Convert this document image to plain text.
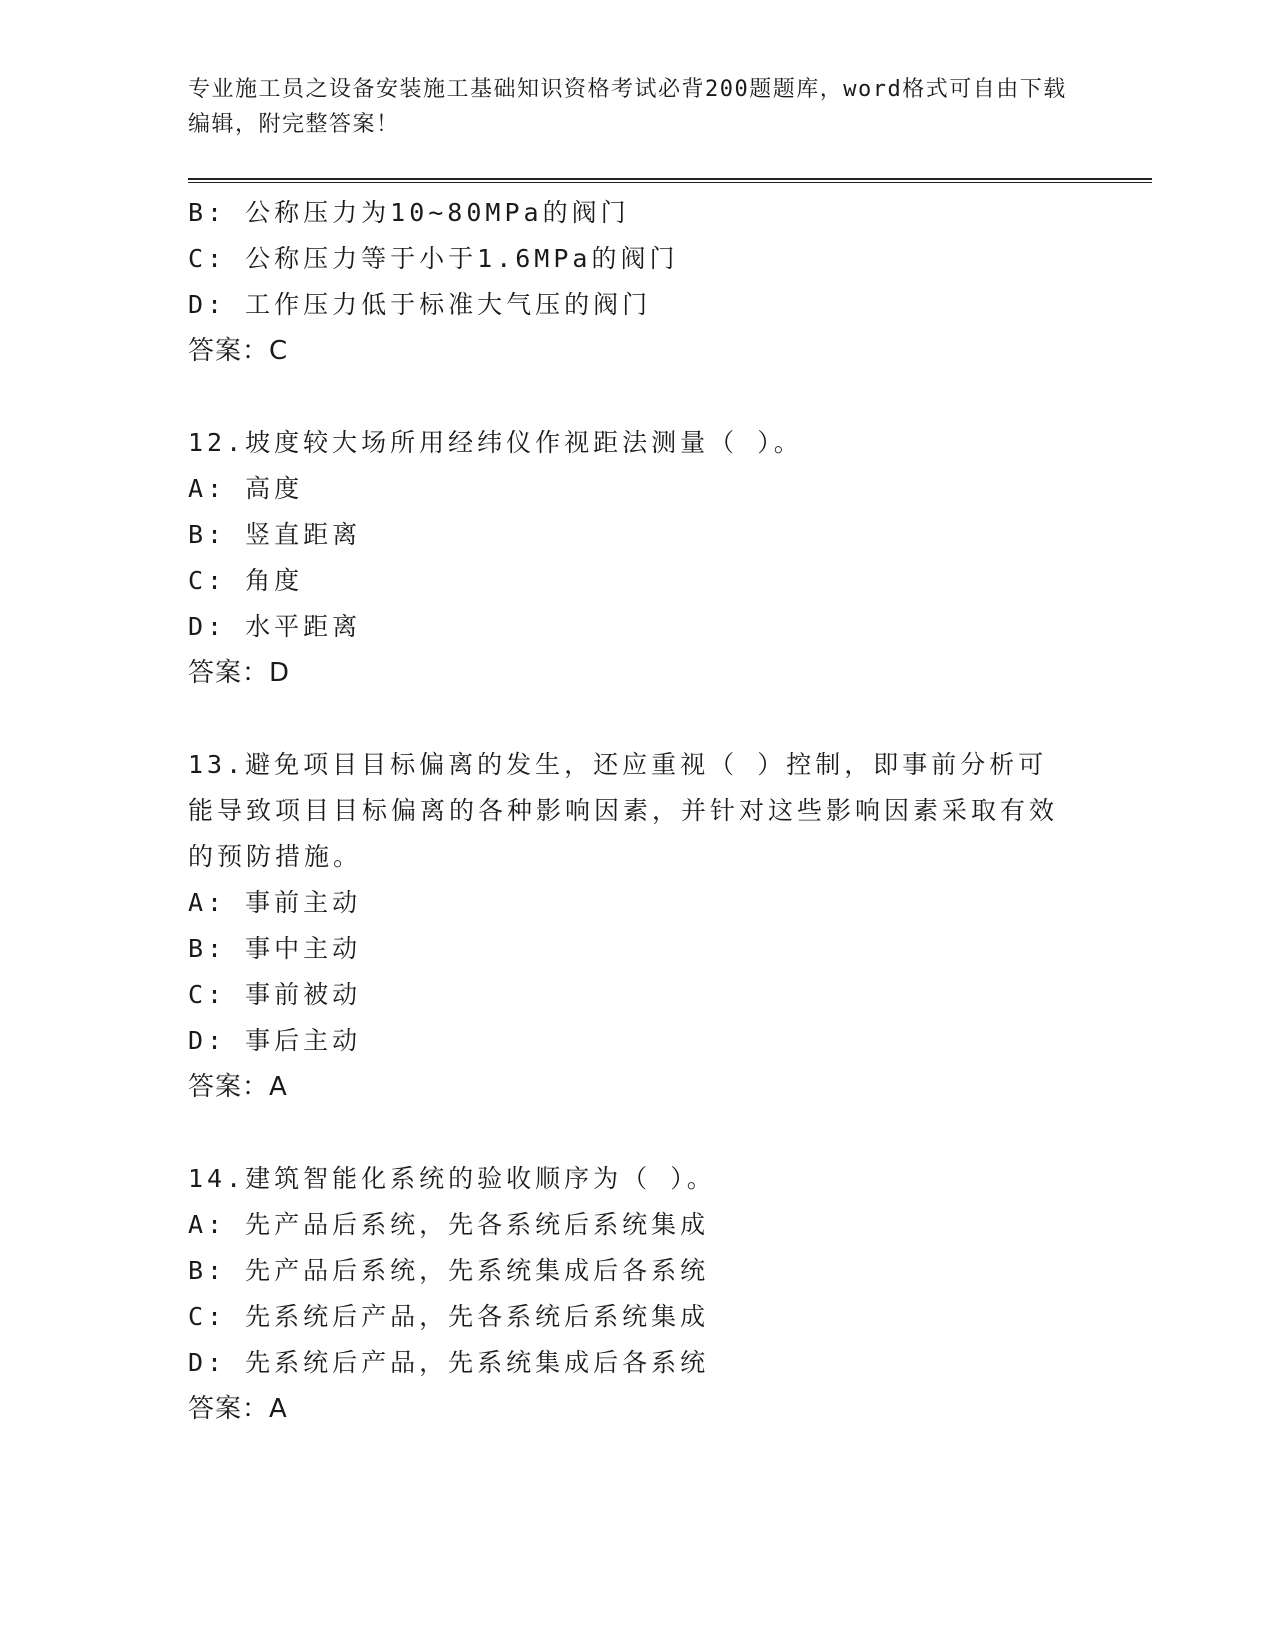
专业施工员之设备安装施工基础知识资格考试必背200题题库，word格式可自由下载编辑，附完整答案！
B: 公称压力为10~80MPa的阀门
C: 公称压力等于小于1.6MPa的阀门
D: 工作压力低于标准大气压的阀门
答案：C
12.坡度较大场所用经纬仪作视距法测量（ ）。
A: 高度
B: 竖直距离
C: 角度
D: 水平距离
答案：D
13.避免项目目标偏离的发生，还应重视（ ）控制，即事前分析可能导致项目目标偏离的各种影响因素，并针对这些影响因素采取有效的预防措施。
A: 事前主动
B: 事中主动
C: 事前被动
D: 事后主动
答案：A
14.建筑智能化系统的验收顺序为（ ）。
A: 先产品后系统，先各系统后系统集成
B: 先产品后系统，先系统集成后各系统
C: 先系统后产品，先各系统后系统集成
D: 先系统后产品，先系统集成后各系统
答案：A
